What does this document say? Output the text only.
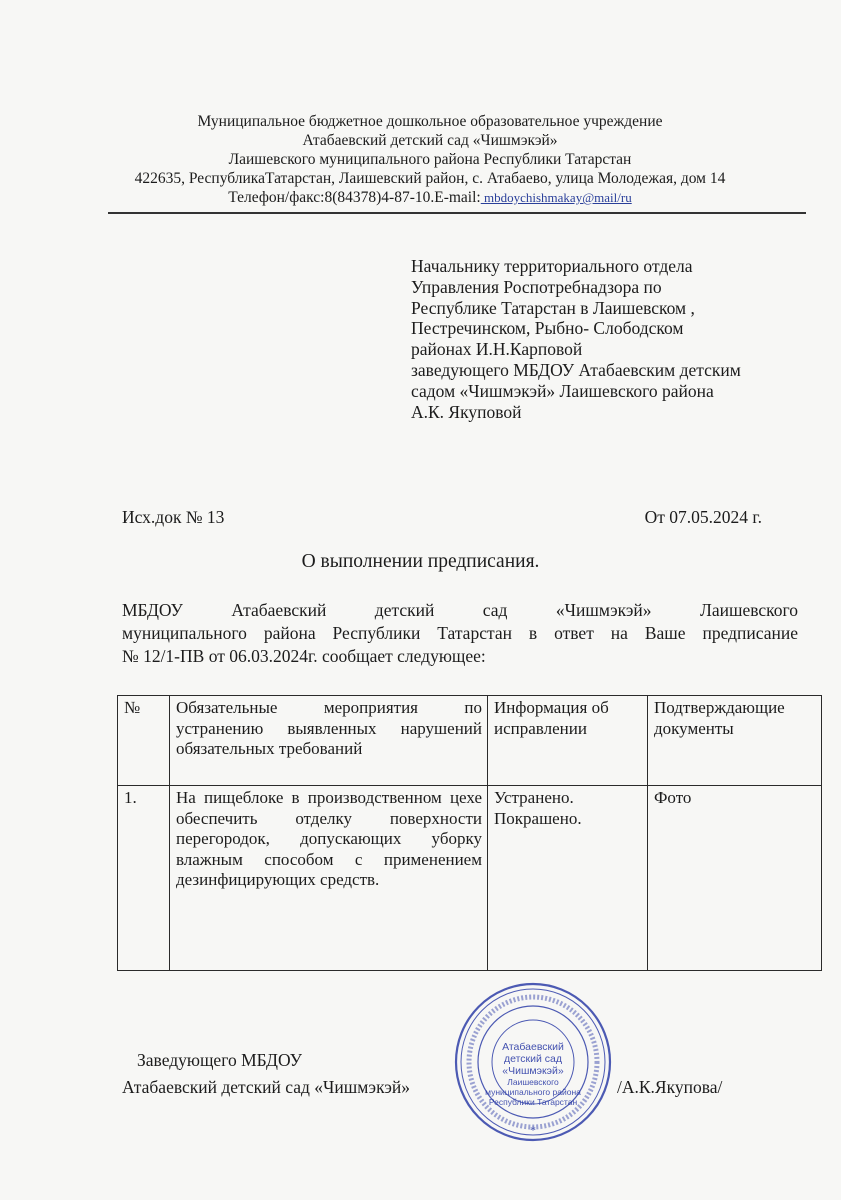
Муниципальное бюджетное дошкольное образовательное учреждение
Атабаевский детский сад «Чишмэкэй»
Лаишевского муниципального района Республики Татарстан
422635, РеспубликаТатарстан, Лаишевский район, с. Атабаево, улица Молодежая, дом 14
Телефон/факс:8(84378)4-87-10.E-mail: mbdoychishmakay@mail/ru
Начальнику территориального отдела
Управления Роспотребнадзора по
Республике Татарстан в Лаишевском ,
Пестречинском, Рыбно- Слободском
районах И.Н.Карповой
заведующего МБДОУ Атабаевским детским
садом «Чишмэкэй» Лаишевского района
А.К. Якуповой
Исх.док № 13	От 07.05.2024 г.
О выполнении предписания.
МБДОУ Атабаевский детский сад «Чишмэкэй» Лаишевского
муниципального района Республики Татарстан в ответ на Ваше предписание
№ 12/1-ПВ от 06.03.2024г. сообщает следующее:
№	Обязательные мероприятия по устранению выявленных нарушений обязательных требований	Информация об исправлении	Подтверждающие документы
1.	На пищеблоке в производственном цехе обеспечить отделку поверхности перегородок, допускающих уборку влажным способом с применением дезинфицирующих средств.	Устранено. Покрашено.	Фото
Заведующего МБДОУ
Атабаевский детский сад «Чишмэкэй»
*
Атабаевский
детский сад
«Чишмэкэй»
Лаишевского
муниципального района
Республики Татарстан
/А.К.Якупова/
